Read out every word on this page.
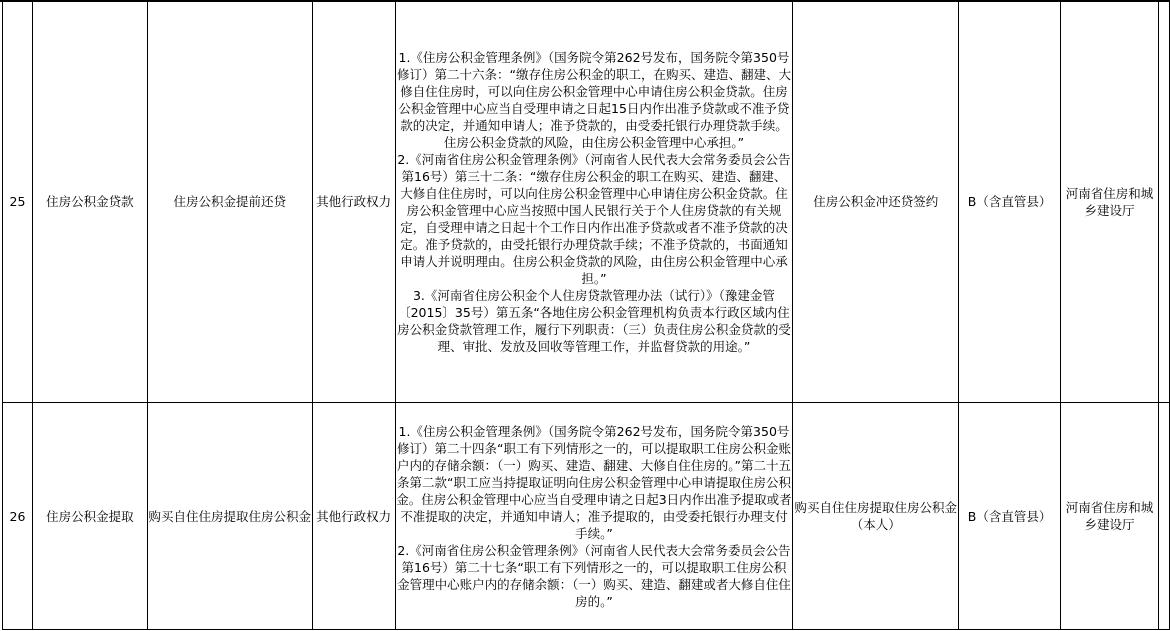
25	住房公积金贷款	住房公积金提前还贷	其他行政权力	1.《住房公积金管理条例》（国务院令第262号发布，国务院令第350号修订）第二十六条：“缴存住房公积金的职工，在购买、建造、翻建、大修自住住房时，可以向住房公积金管理中心申请住房公积金贷款。住房公积金管理中心应当自受理申请之日起15日内作出准予贷款或不准予贷款的决定，并通知申请人；准予贷款的，由受委托银行办理贷款手续。住房公积金贷款的风险，由住房公积金管理中心承担。”

2.《河南省住房公积金管理条例》（河南省人民代表大会常务委员会公告第16号）第三十二条：“缴存住房公积金的职工在购买、建造、翻建、大修自住住房时，可以向住房公积金管理中心申请住房公积金贷款。住房公积金管理中心应当按照中国人民银行关于个人住房贷款的有关规定，自受理申请之日起十个工作日内作出准予贷款或者不准予贷款的决定。准予贷款的，由受托银行办理贷款手续；不准予贷款的，书面通知申请人并说明理由。住房公积金贷款的风险，由住房公积金管理中心承担。”

3.《河南省住房公积金个人住房贷款管理办法（试行）》（豫建金管〔2015〕35号）第五条“各地住房公积金管理机构负责本行政区域内住房公积金贷款管理工作，履行下列职责：（三）负责住房公积金贷款的受理、审批、发放及回收等管理工作，并监督贷款的用途。”	住房公积金冲还贷签约	B（含直管县）	河南省住房和城乡建设厅	
26	住房公积金提取	购买自住住房提取住房公积金	其他行政权力	1.《住房公积金管理条例》（国务院令第262号发布，国务院令第350号修订）第二十四条“职工有下列情形之一的，可以提取职工住房公积金账户内的存储余额：（一）购买、建造、翻建、大修自住住房的。”第二十五条第二款“职工应当持提取证明向住房公积金管理中心申请提取住房公积金。住房公积金管理中心应当自受理申请之日起3日内作出准予提取或者不准提取的决定，并通知申请人；准予提取的，由受委托银行办理支付手续。”

2.《河南省住房公积金管理条例》（河南省人民代表大会常务委员会公告第16号）第二十七条“职工有下列情形之一的，可以提取职工住房公积金管理中心账户内的存储余额：（一）购买、建造、翻建或者大修自住住房的。”	购买自住住房提取住房公积金（本人）	B（含直管县）	河南省住房和城乡建设厅	
